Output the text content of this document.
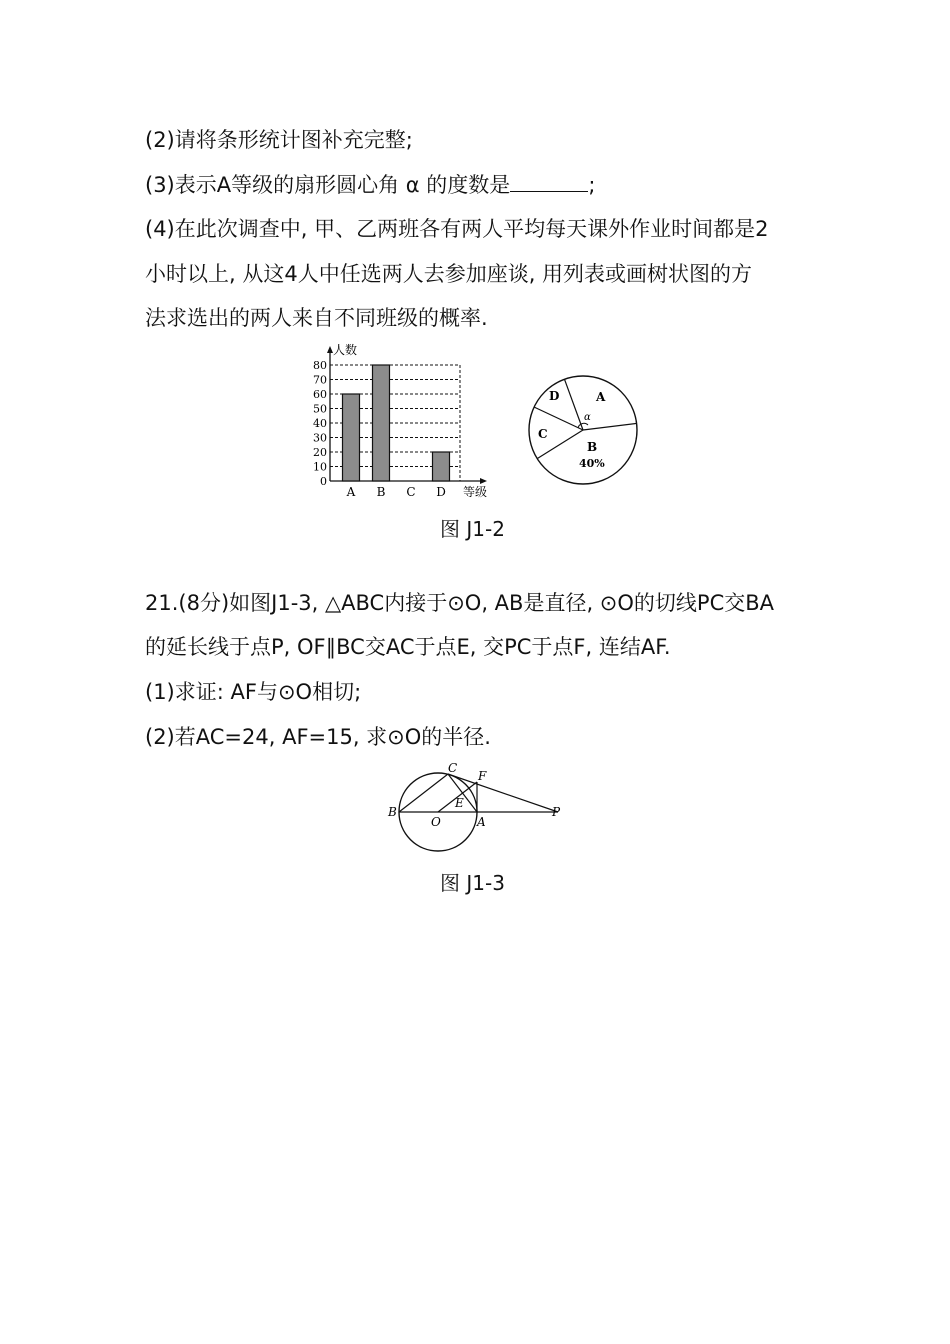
(2)请将条形统计图补充完整;
(3)表示A等级的扇形圆心角 α 的度数是	;
(4)在此次调查中, 甲、乙两班各有两人平均每天课外作业时间都是2
小时以上, 从这4人中任选两人去参加座谈, 用列表或画树状图的方
法求选出的两人来自不同班级的概率.
0
10
20
30
40
50
60
70
80
A B C D
人数
等级
A
B
40%
C
D
α
图 J1-2
21.(8分)如图J1-3, △ABC内接于⊙O, AB是直径, ⊙O的切线PC交BA
的延长线于点P, OF∥BC交AC于点E, 交PC于点F, 连结AF.
(1)求证: AF与⊙O相切;
(2)若AC=24, AF=15, 求⊙O的半径.
B
O	A
P
C
E
F
图 J1-3
